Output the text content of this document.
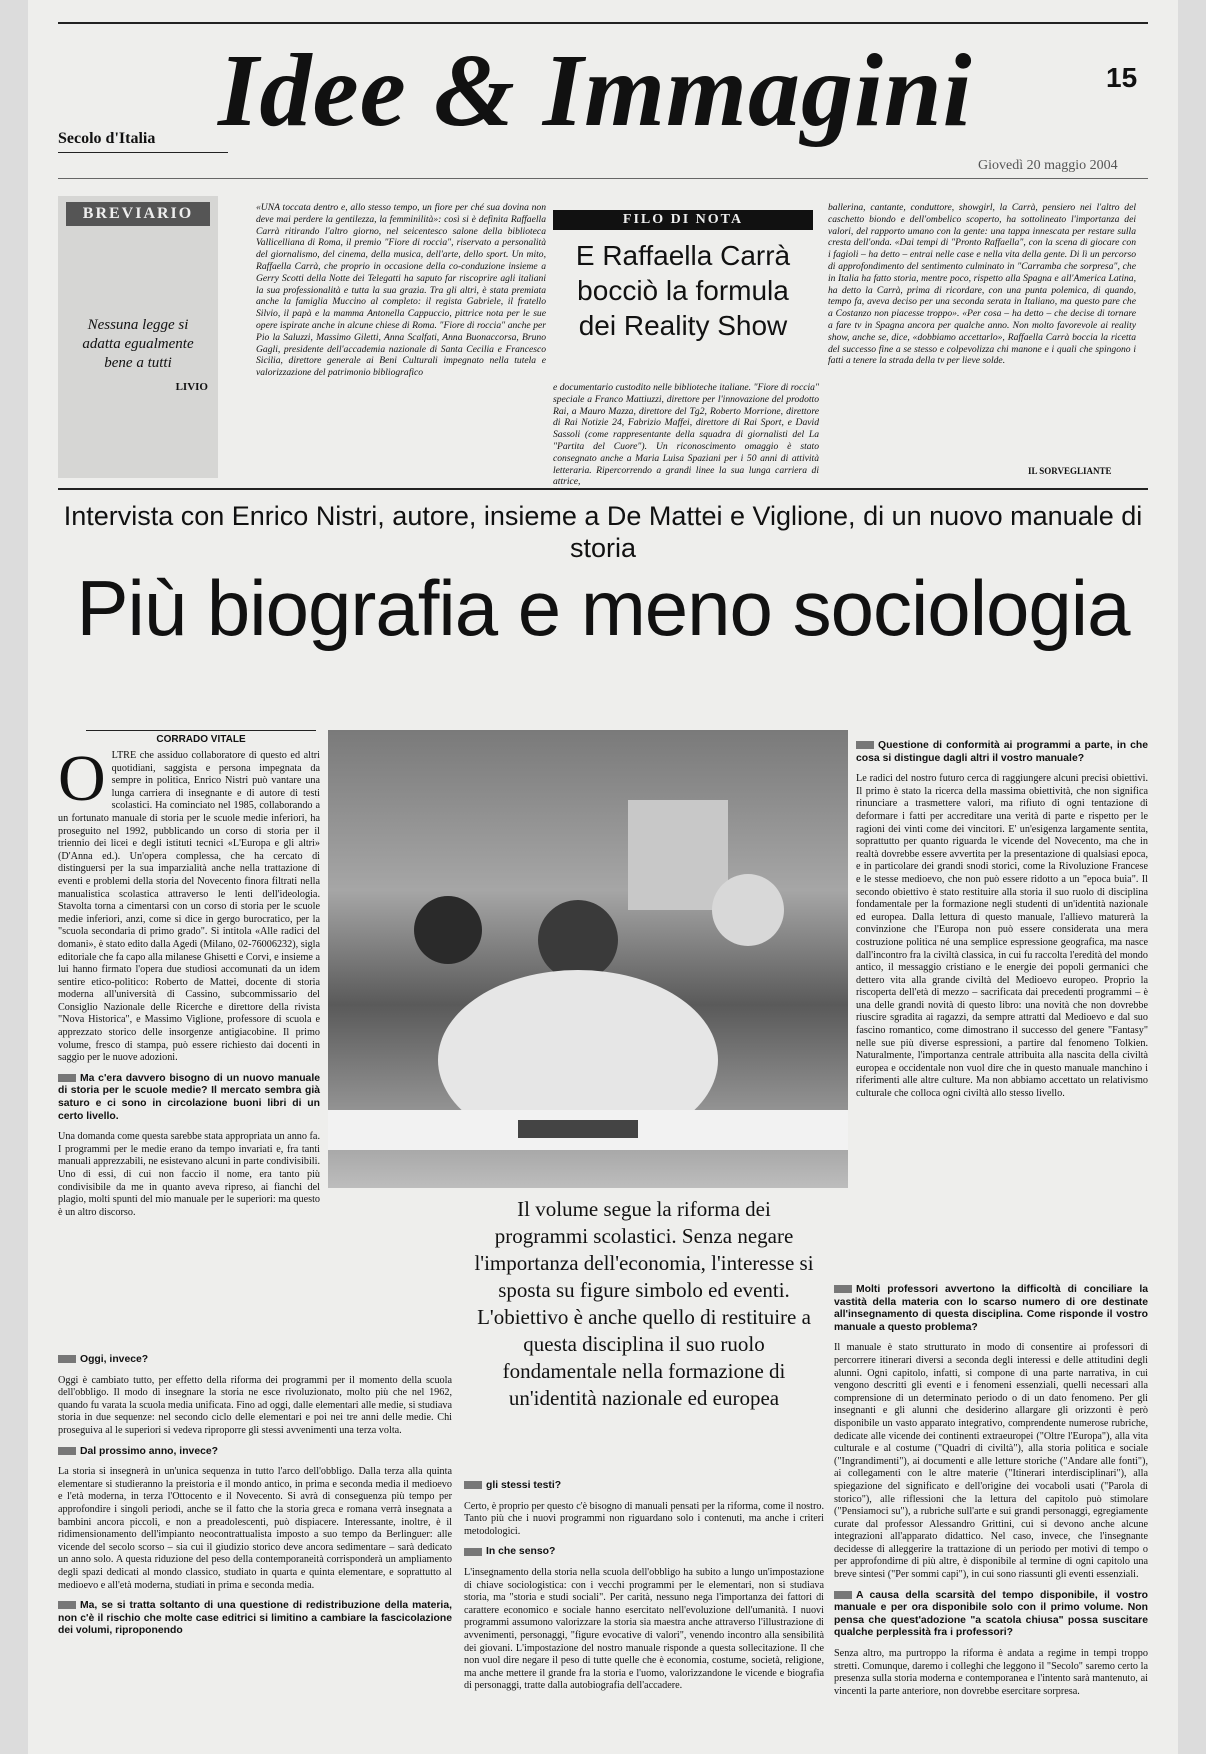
Idee & Immagini
Secolo d'Italia
15
Giovedì 20 maggio 2004
BREVIARIO
Nessuna legge si adatta egualmente bene a tutti
LIVIO
«UNA toccata dentro e, allo stesso tempo, un fiore per ché sua dovina non deve mai perdere la gentilezza, la femminilità»: così si è definita Raffaella Carrà ritirando l'altro giorno, nel seicentesco salone della biblioteca Vallicelliana di Roma, il premio "Fiore di roccia", riservato a personalità del giornalismo, del cinema, della musica, dell'arte, dello sport. Un mito, Raffaella Carrà, che proprio in occasione della co-conduzione insieme a Gerry Scotti della Notte dei Telegatti ha saputo far riscoprire agli italiani la sua professionalità e tutta la sua grazia. Tra gli altri, è stata premiata anche la famiglia Muccino al completo: il regista Gabriele, il fratello Silvio, il papà e la mamma Antonella Cappuccio, pittrice nota per le sue opere ispirate anche in alcune chiese di Roma. "Fiore di roccia" anche per Pio la Saluzzi, Massimo Giletti, Anna Scalfati, Anna Buonaccorsa, Bruno Gagli, presidente dell'accademia nazionale di Santa Cecilia e Francesco Sicilia, direttore generale ai Beni Culturali impegnato nella tutela e valorizzazione del patrimonio bibliografico
FILO DI NOTA
E Raffaella Carrà bocciò la formula dei Reality Show
e documentario custodito nelle biblioteche italiane. "Fiore di roccia" speciale a Franco Mattiuzzi, direttore per l'innovazione del prodotto Rai, a Mauro Mazza, direttore del Tg2, Roberto Morrione, direttore di Rai Notizie 24, Fabrizio Maffei, direttore di Rai Sport, e David Sassoli (come rappresentante della squadra di giornalisti del La "Partita del Cuore"). Un riconoscimento omaggio è stato consegnato anche a Maria Luisa Spaziani per i 50 anni di attività letteraria. Ripercorrendo a grandi linee la sua lunga carriera di attrice,
ballerina, cantante, conduttore, showgirl, la Carrà, pensiero nei l'altro del caschetto biondo e dell'ombelico scoperto, ha sottolineato l'importanza dei valori, del rapporto umano con la gente: una tappa innescata per restare sulla cresta dell'onda. «Dai tempi di "Pronto Raffaella", con la scena di giocare con i fagioli – ha detto – entrai nelle case e nella vita della gente. Di lì un percorso di approfondimento del sentimento culminato in "Carramba che sorpresa", che in Italia ha fatto storia, mentre poco, rispetto alla Spagna e all'America Latina, ha detto la Carrà, prima di ricordare, con una punta polemica, di quando, tempo fa, aveva deciso per una seconda serata in Italiano, ma questo pare che a Costanzo non piacesse troppo». «Per cosa – ha detto – che decise di tornare a fare tv in Spagna ancora per qualche anno. Non molto favorevole ai reality show, anche se, dice, «dobbiamo accettarlo», Raffaella Carrà boccia la ricetta del successo fine a se stesso e colpevolizza chi manone e i quali che spingono i fatti a tenere la strada della tv per lieve solde.
IL SORVEGLIANTE
Intervista con Enrico Nistri, autore, insieme a De Mattei e Viglione, di un nuovo manuale di storia
Più biografia e meno sociologia
CORRADO VITALE
O LTRE che assiduo collaboratore di questo ed altri quotidiani, saggista e persona impegnata da sempre in politica, Enrico Nistri può vantare una lunga carriera di insegnante e di autore di testi scolastici. Ha cominciato nel 1985, collaborando a un fortunato manuale di storia per le scuole medie inferiori, ha proseguito nel 1992, pubblicando un corso di storia per il triennio dei licei e degli istituti tecnici «L'Europa e gli altri» (D'Anna ed.). Un'opera complessa, che ha cercato di distinguersi per la sua imparzialità anche nella trattazione di eventi e problemi della storia del Novecento finora filtrati nella manualistica scolastica attraverso le lenti dell'ideologia. Stavolta torna a cimentarsi con un corso di storia per le scuole medie inferiori, anzi, come si dice in gergo burocratico, per la "scuola secondaria di primo grado". Si intitola «Alle radici del domani», è stato edito dalla Agedi (Milano, 02-76006232), sigla editoriale che fa capo alla milanese Ghisetti e Corvi, e insieme a lui hanno firmato l'opera due studiosi accomunati da un idem sentire etico-politico: Roberto de Mattei, docente di storia moderna all'università di Cassino, subcommissario del Consiglio Nazionale delle Ricerche e direttore della rivista "Nova Historica", e Massimo Viglione, professore di scuola e apprezzato storico delle insorgenze antigiacobine. Il primo volume, fresco di stampa, può essere richiesto dai docenti in saggio per le nuove adozioni.

Ma c'era davvero bisogno di un nuovo manuale di storia per le scuole medie? Il mercato sembra già saturo e ci sono in circolazione buoni libri di un certo livello.

Una domanda come questa sarebbe stata appropriata un anno fa. I programmi per le medie erano da tempo invariati e, fra tanti manuali apprezzabili, ne esistevano alcuni in parte condivisibili. Uno di essi, di cui non faccio il nome, era tanto più condivisibile da me in quanto aveva ripreso, ai fianchi del plagio, molti spunti del mio manuale per le superiori: ma questo è un altro discorso.

Oggi, invece?

Oggi è cambiato tutto, per effetto della riforma dei programmi per il momento della scuola dell'obbligo. Il modo di insegnare la storia ne esce rivoluzionato, molto più che nel 1962, quando fu varata la scuola media unificata. Fino ad oggi, dalle elementari alle medie, si studiava storia in due sequenze: nel secondo ciclo delle elementari e poi nei tre anni delle medie. Chi proseguiva al le superiori si vedeva riproporre gli stessi avvenimenti una terza volta.

Dal prossimo anno, invece?

La storia si insegnerà in un'unica sequenza in tutto l'arco dell'obbligo. Dalla terza alla quinta elementare si studieranno la preistoria e il mondo antico, in prima e seconda media il medioevo e l'età moderna, in terza l'Ottocento e il Novecento. Si avrà di conseguenza più tempo per approfondire i singoli periodi, anche se il fatto che la storia greca e romana verrà insegnata a bambini ancora piccoli, e non a preadolescenti, può dispiacere. Interessante, inoltre, è il ridimensionamento dell'impianto neocontrattualista imposto a suo tempo da Berlinguer: alle vicende del secolo scorso – sia cui il giudizio storico deve ancora sedimentare – sarà dedicato un anno solo. A questa riduzione del peso della contemporaneità corrisponderà un ampliamento degli spazi dedicati al mondo classico, studiato in quarta e quinta elementare, e soprattutto al medioevo e all'età moderna, studiati in prima e seconda media.

Ma, se si tratta soltanto di una questione di redistribuzione della materia, non c'è il rischio che molte case editrici si limitino a cambiare la fascicolazione dei volumi, riproponendo

Il volume segue la riforma dei programmi scolastici. Senza negare l'importanza dell'economia, l'interesse si sposta su figure simbolo ed eventi. L'obiettivo è anche quello di restituire a questa disciplina il suo ruolo fondamentale nella formazione di un'identità nazionale ed europea

gli stessi testi?

Certo, è proprio per questo c'è bisogno di manuali pensati per la riforma, come il nostro. Tanto più che i nuovi programmi non riguardano solo i contenuti, ma anche i criteri metodologici.

In che senso?

L'insegnamento della storia nella scuola dell'obbligo ha subito a lungo un'impostazione di chiave sociologistica: con i vecchi programmi per le elementari, non si studiava storia, ma "storia e studi sociali". Per carità, nessuno nega l'importanza dei fattori di carattere economico e sociale hanno esercitato nell'evoluzione dell'umanità. I nuovi programmi assumono valorizzare la storia sia maestra anche attraverso l'illustrazione di avvenimenti, personaggi, "figure evocative di valori", venendo incontro alla sensibilità dei giovani. L'impostazione del nostro manuale risponde a questa sollecitazione. Il che non vuol dire negare il peso di tutte quelle che è economia, costume, società, religione, ma anche mettere il grande fra la storia e l'uomo, valorizzandone le vicende e biografia di personaggi, tratte dalla autobiografia dell'accadere.

Questione di conformità ai programmi a parte, in che cosa si distingue dagli altri il vostro manuale?

Le radici del nostro futuro cerca di raggiungere alcuni precisi obiettivi. Il primo è stato la ricerca della massima obiettività, che non significa rinunciare a trasmettere valori, ma rifiuto di ogni tentazione di deformare i fatti per accreditare una verità di parte e rispetto per le ragioni dei vinti come dei vincitori. E' un'esigenza largamente sentita, soprattutto per quanto riguarda le vicende del Novecento, ma che in realtà dovrebbe essere avvertita per la presentazione di qualsiasi epoca, e in particolare dei grandi snodi storici, come la Rivoluzione Francese e le stesse medioevo, che non può essere ridotto a un "epoca buia". Il secondo obiettivo è stato restituire alla storia il suo ruolo di disciplina fondamentale per la formazione negli studenti di un'identità nazionale ed europea. Dalla lettura di questo manuale, l'allievo maturerà la convinzione che l'Europa non può essere considerata una mera costruzione politica né una semplice espressione geografica, ma nasce dall'incontro fra la civiltà classica, in cui fu raccolta l'eredità del mondo antico, il messaggio cristiano e le energie dei popoli germanici che dettero vita alla grande civiltà del Medioevo europeo. Proprio la riscoperta dell'età di mezzo – sacrificata dai precedenti programmi – è una delle grandi novità di questo libro: una novità che non dovrebbe riuscire sgradita ai ragazzi, da sempre attratti dal Medioevo e dal suo fascino romantico, come dimostrano il successo del genere "Fantasy" nelle sue più diverse espressioni, a partire dal fenomeno Tolkien. Naturalmente, l'importanza centrale attribuita alla nascita della civiltà europea e occidentale non vuol dire che in questo manuale manchino i riferimenti alle altre culture. Ma non abbiamo accettato un relativismo culturale che colloca ogni civiltà allo stesso livello.

Molti professori avvertono la difficoltà di conciliare la vastità della materia con lo scarso numero di ore destinate all'insegnamento di questa disciplina. Come risponde il vostro manuale a questo problema?

Il manuale è stato strutturato in modo di consentire ai professori di percorrere itinerari diversi a seconda degli interessi e delle attitudini degli alunni. Ogni capitolo, infatti, si compone di una parte narrativa, in cui vengono descritti gli eventi e i fenomeni essenziali, quelli necessari alla comprensione di un determinato periodo o di un dato fenomeno. Per gli insegnanti e gli alunni che desiderino allargare gli orizzonti è però disponibile un vasto apparato integrativo, comprendente numerose rubriche, dedicate alle vicende dei continenti extraeuropei ("Oltre l'Europa"), alla vita culturale e al costume ("Quadri di civiltà"), alla storia politica e sociale ("Ingrandimenti"), ai documenti e alle letture storiche ("Andare alle fonti"), ai collegamenti con le altre materie ("Itinerari interdisciplinari"), alla spiegazione del significato e dell'origine dei vocaboli usati ("Parola di storico"), alle riflessioni che la lettura del capitolo può stimolare ("Pensiamoci su"), a rubriche sull'arte e sui grandi personaggi, egregiamente curate dal professor Alessandro Grittini, cui si devono anche alcune integrazioni all'apparato didattico. Nel caso, invece, che l'insegnante decidesse di alleggerire la trattazione di un periodo per motivi di tempo o per approfondirne di più altre, è disponibile al termine di ogni capitolo una breve sintesi ("Per sommi capi"), in cui sono riassunti gli eventi essenziali.

A causa della scarsità del tempo disponibile, il vostro manuale e per ora disponibile solo con il primo volume. Non pensa che quest'adozione "a scatola chiusa" possa suscitare qualche perplessità fra i professori?

Senza altro, ma purtroppo la riforma è andata a regime in tempi troppo stretti. Comunque, daremo i colleghi che leggono il "Secolo" saremo certo la presenza sulla storia moderna e contemporanea e l'intento sarà mantenuto, ai vincenti la parte anteriore, non dovrebbe esercitare sorpresa.
